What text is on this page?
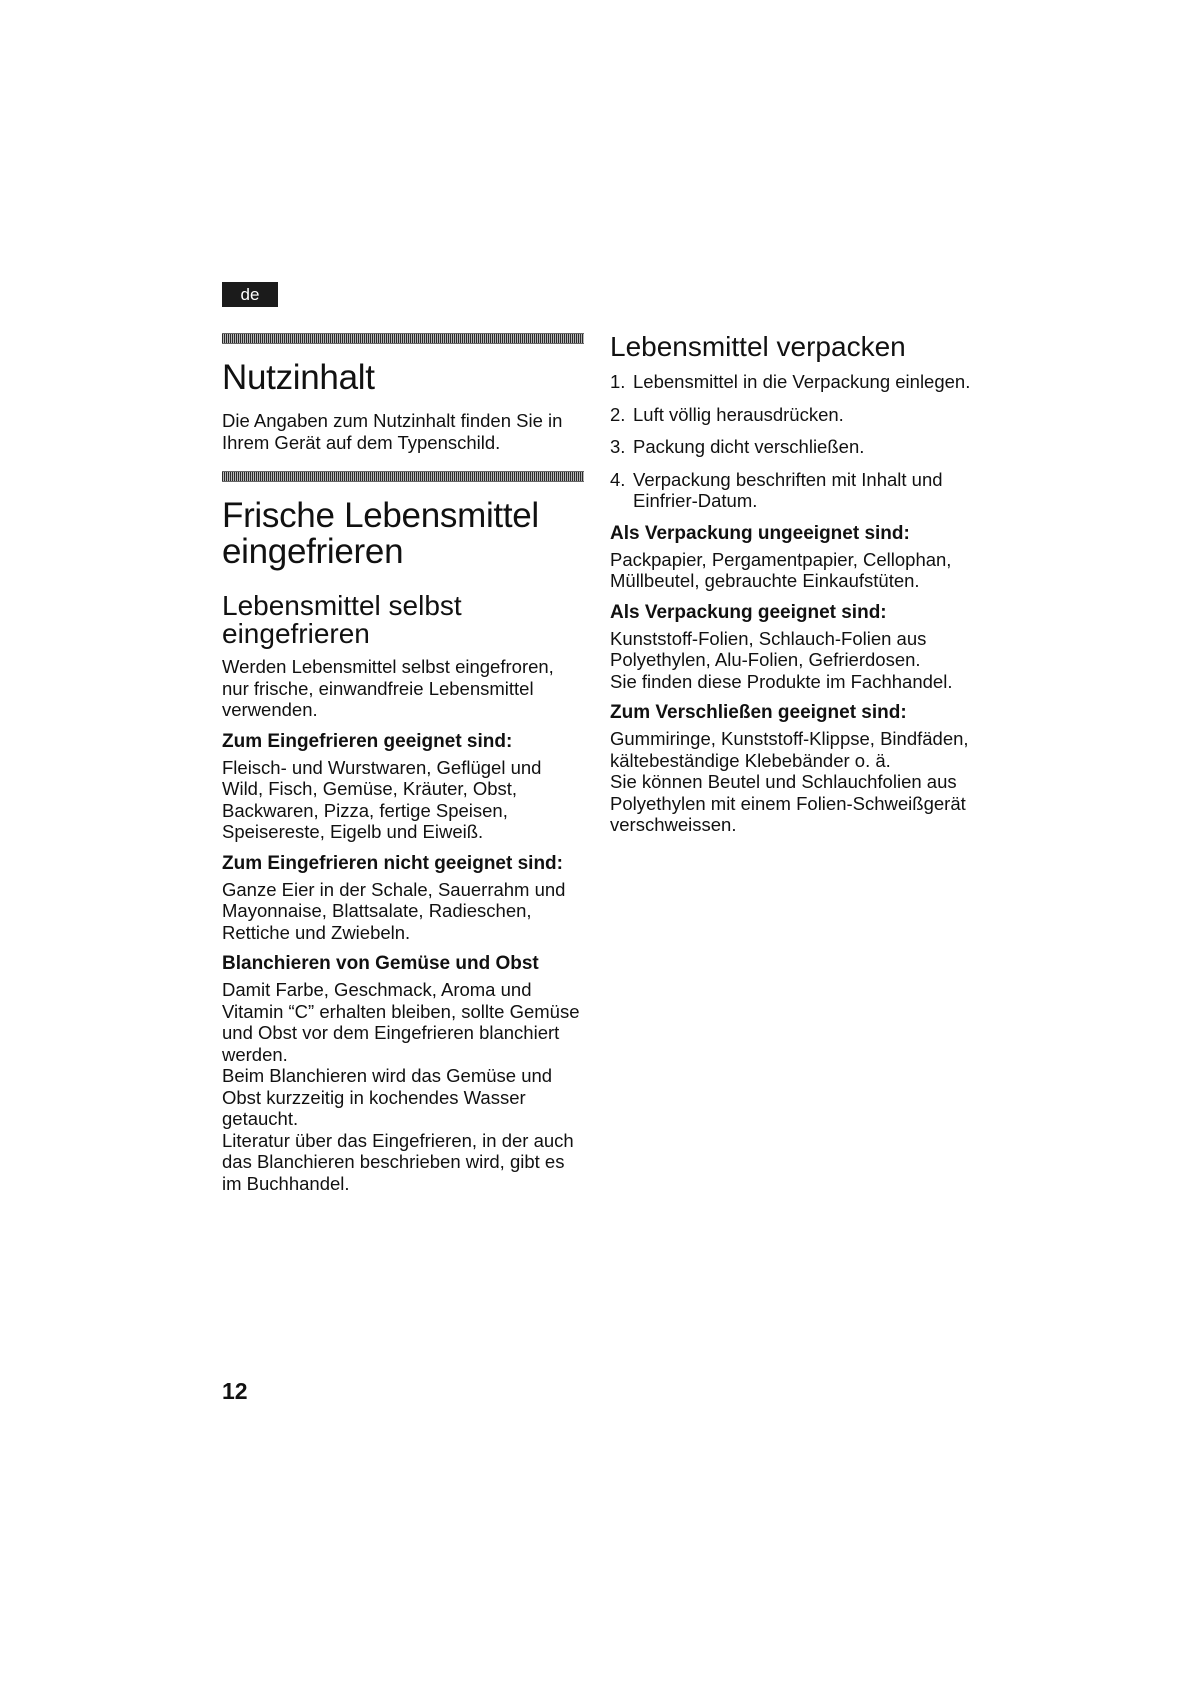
de
Nutzinhalt

Die Angaben zum Nutzinhalt finden Sie in Ihrem Gerät auf dem Typenschild.

Frische Lebensmittel eingefrieren
Lebensmittel selbst eingefrieren

Werden Lebensmittel selbst eingefroren, nur frische, einwandfreie Lebensmittel verwenden.

Zum Eingefrieren geeignet sind:

Fleisch- und Wurstwaren, Geflügel und Wild, Fisch, Gemüse, Kräuter, Obst, Backwaren, Pizza, fertige Speisen, Speisereste, Eigelb und Eiweiß.

Zum Eingefrieren nicht geeignet sind:

Ganze Eier in der Schale, Sauerrahm und Mayonnaise, Blattsalate, Radieschen, Rettiche und Zwiebeln.

Blanchieren von Gemüse und Obst

Damit Farbe, Geschmack, Aroma und Vitamin “C” erhalten bleiben, sollte Gemüse und Obst vor dem Eingefrieren blanchiert werden.

Beim Blanchieren wird das Gemüse und Obst kurzzeitig in kochendes Wasser getaucht.

Literatur über das Eingefrieren, in der auch das Blanchieren beschrieben wird, gibt es im Buchhandel.

Lebensmittel verpacken
1. Lebensmittel in die Verpackung einlegen.
2. Luft völlig herausdrücken.
3. Packung dicht verschließen.
4. Verpackung beschriften mit Inhalt und Einfrier-Datum.
Als Verpackung ungeeignet sind:

Packpapier, Pergamentpapier, Cellophan, Müllbeutel, gebrauchte Einkaufstüten.

Als Verpackung geeignet sind:

Kunststoff-Folien, Schlauch-Folien aus Polyethylen, Alu-Folien, Gefrierdosen.

Sie finden diese Produkte im Fachhandel.

Zum Verschließen geeignet sind:

Gummiringe, Kunststoff-Klippse, Bindfäden, kältebeständige Klebebänder o. ä.

Sie können Beutel und Schlauchfolien aus Polyethylen mit einem Folien-Schweißgerät verschweissen.

12
